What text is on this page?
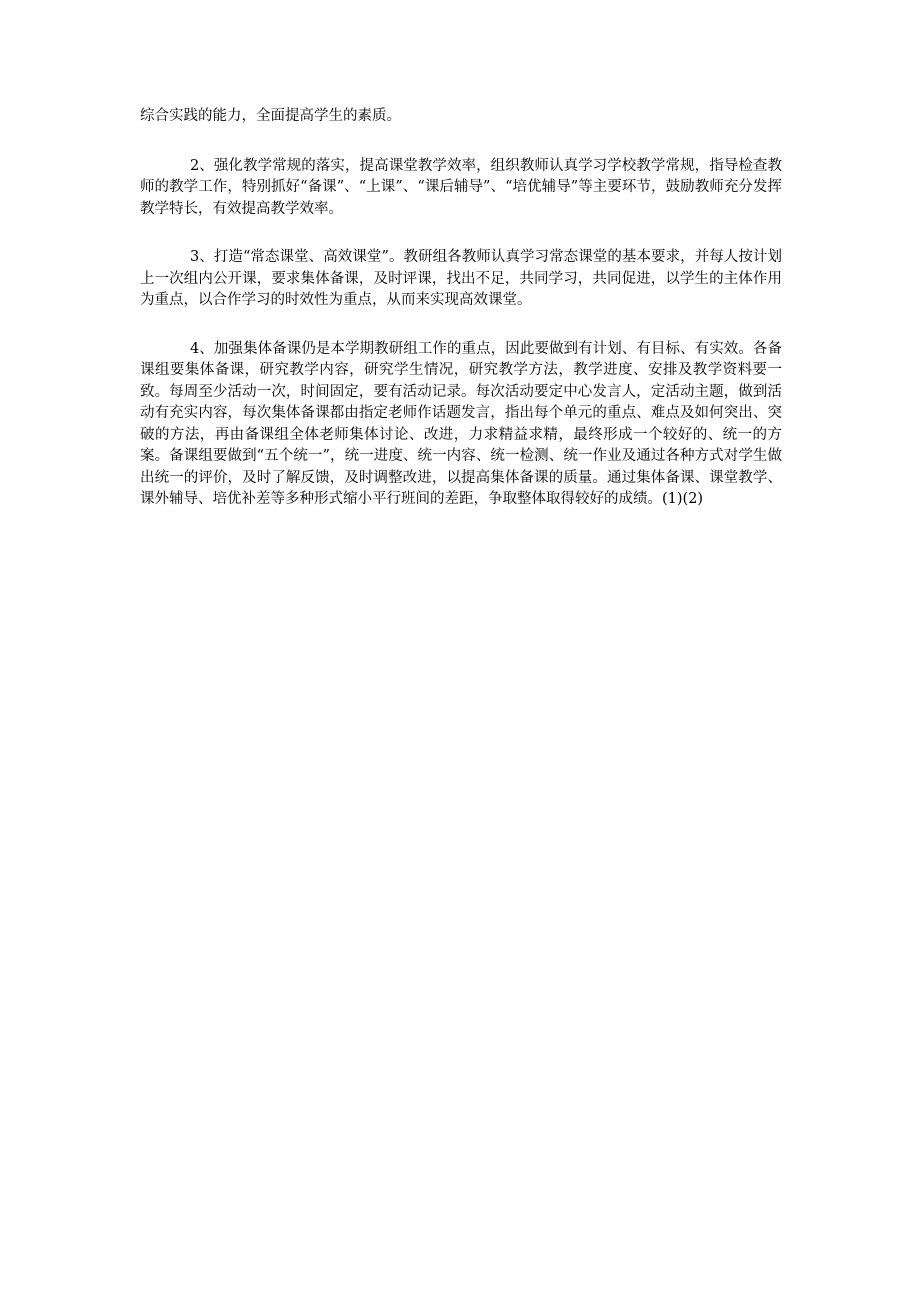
综合实践的能力，全面提高学生的素质。

2、强化教学常规的落实，提高课堂教学效率，组织教师认真学习学校教学常规，指导检查教师的教学工作，特别抓好“备课”、“上课”、“课后辅导”、“培优辅导”等主要环节，鼓励教师充分发挥教学特长，有效提高教学效率。

3、打造“常态课堂、高效课堂”。教研组各教师认真学习常态课堂的基本要求，并每人按计划上一次组内公开课，要求集体备课，及时评课，找出不足，共同学习，共同促进，以学生的主体作用为重点，以合作学习的时效性为重点，从而来实现高效课堂。

4、加强集体备课仍是本学期教研组工作的重点，因此要做到有计划、有目标、有实效。各备课组要集体备课，研究教学内容，研究学生情况，研究教学方法，教学进度、安排及教学资料要一致。每周至少活动一次，时间固定，要有活动记录。每次活动要定中心发言人，定活动主题，做到活动有充实内容，每次集体备课都由指定老师作话题发言，指出每个单元的重点、难点及如何突出、突破的方法，再由备课组全体老师集体讨论、改进，力求精益求精，最终形成一个较好的、统一的方案。备课组要做到“五个统一”，统一进度、统一内容、统一检测、统一作业及通过各种方式对学生做出统一的评价，及时了解反馈，及时调整改进，以提高集体备课的质量。通过集体备课、课堂教学、课外辅导、培优补差等多种形式缩小平行班间的差距，争取整体取得较好的成绩。(1)(2)
